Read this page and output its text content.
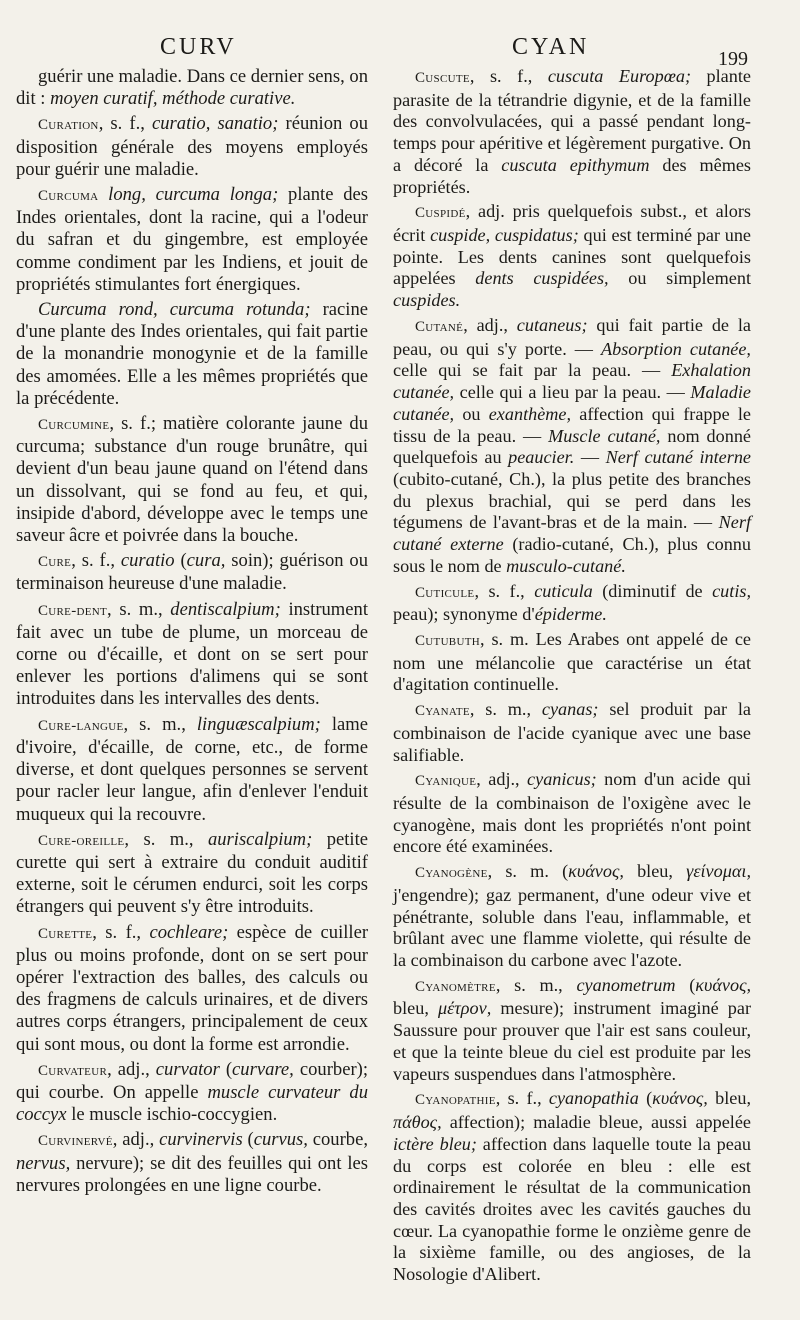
CURV	CYAN	199

guérir une maladie. Dans ce dernier sens, on dit : moyen curatif, méthode curative.

Curation, s. f., curatio, sanatio; réunion ou disposition générale des moyens employés pour guérir une maladie.

Curcuma long, curcuma longa; plante des Indes orientales, dont la racine, qui a l'odeur du safran et du gingembre, est employée comme condiment par les Indiens, et jouit de propriétés stimulantes fort énergiques.

Curcuma rond, curcuma rotunda; racine d'une plante des Indes orientales, qui fait partie de la monandrie monogynie et de la famille des amomées. Elle a les mêmes propriétés que la précédente.

Curcumine, s. f.; matière colorante jaune du curcuma; substance d'un rouge brunâtre, qui devient d'un beau jaune quand on l'étend dans un dissolvant, qui se fond au feu, et qui, insipide d'abord, développe avec le temps une saveur âcre et poivrée dans la bouche.

Cure, s. f., curatio (cura, soin); guérison ou terminaison heureuse d'une maladie.

Cure-dent, s. m., dentiscalpium; instrument fait avec un tube de plume, un morceau de corne ou d'écaille, et dont on se sert pour enlever les portions d'alimens qui se sont introduites dans les intervalles des dents.

Cure-langue, s. m., linguæscalpium; lame d'ivoire, d'écaille, de corne, etc., de forme diverse, et dont quelques personnes se servent pour racler leur langue, afin d'enlever l'enduit muqueux qui la recouvre.

Cure-oreille, s. m., auriscalpium; petite curette qui sert à extraire du conduit auditif externe, soit le cérumen endurci, soit les corps étrangers qui peuvent s'y être introduits.

Curette, s. f., cochleare; espèce de cuiller plus ou moins profonde, dont on se sert pour opérer l'extraction des balles, des calculs ou des fragmens de calculs urinaires, et de divers autres corps étrangers, principalement de ceux qui sont mous, ou dont la forme est arrondie.

Curvateur, adj., curvator (curvare, courber); qui courbe. On appelle muscle curvateur du coccyx le muscle ischio-coccygien.

Curvinervé, adj., curvinervis (curvus, courbe, nervus, nervure); se dit des feuilles qui ont les nervures prolongées en une ligne courbe.

Cuscute, s. f., cuscuta Europœa; plante parasite de la tétrandrie digynie, et de la famille des convolvulacées, qui a passé pendant long-temps pour apéritive et légèrement purgative. On a décoré la cuscuta epithymum des mêmes propriétés.

Cuspidé, adj. pris quelquefois subst., et alors écrit cuspide, cuspidatus; qui est terminé par une pointe. Les dents canines sont quelquefois appelées dents cuspidées, ou simplement cuspides.

Cutané, adj., cutaneus; qui fait partie de la peau, ou qui s'y porte. — Absorption cutanée, celle qui se fait par la peau. — Exhalation cutanée, celle qui a lieu par la peau. — Maladie cutanée, ou exanthème, affection qui frappe le tissu de la peau. — Muscle cutané, nom donné quelquefois au peaucier. — Nerf cutané interne (cubito-cutané, Ch.), la plus petite des branches du plexus brachial, qui se perd dans les tégumens de l'avant-bras et de la main. — Nerf cutané externe (radio-cutané, Ch.), plus connu sous le nom de musculo-cutané.

Cuticule, s. f., cuticula (diminutif de cutis, peau); synonyme d'épiderme.

Cutubuth, s. m. Les Arabes ont appelé de ce nom une mélancolie que caractérise un état d'agitation continuelle.

Cyanate, s. m., cyanas; sel produit par la combinaison de l'acide cyanique avec une base salifiable.

Cyanique, adj., cyanicus; nom d'un acide qui résulte de la combinaison de l'oxigène avec le cyanogène, mais dont les propriétés n'ont point encore été examinées.

Cyanogène, s. m. (κυάνος, bleu, γείνομαι, j'engendre); gaz permanent, d'une odeur vive et pénétrante, soluble dans l'eau, inflammable, et brûlant avec une flamme violette, qui résulte de la combinaison du carbone avec l'azote.

Cyanomètre, s. m., cyanometrum (κυάνος, bleu, μέτρον, mesure); instrument imaginé par Saussure pour prouver que l'air est sans couleur, et que la teinte bleue du ciel est produite par les vapeurs suspendues dans l'atmosphère.

Cyanopathie, s. f., cyanopathia (κυάνος, bleu, πάθος, affection); maladie bleue, aussi appelée ictère bleu; affection dans laquelle toute la peau du corps est colorée en bleu : elle est ordinairement le résultat de la communication des cavités droites avec les cavités gauches du cœur. La cyanopathie forme le onzième genre de la sixième famille, ou des angioses, de la Nosologie d'Alibert.
